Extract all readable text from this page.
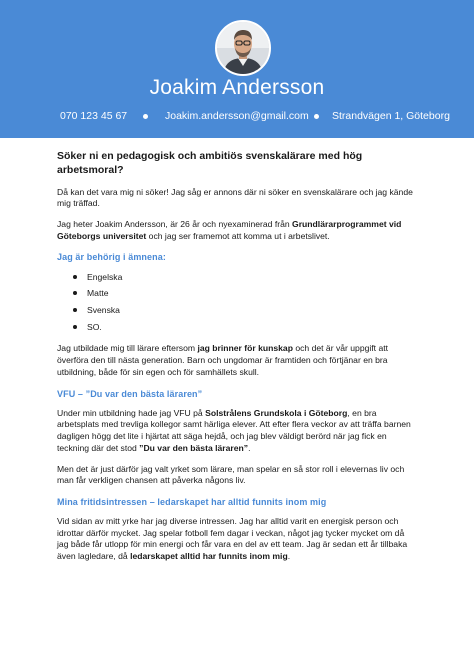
Joakim Andersson
070 123 45 67	Joakim.andersson@gmail.com Strandvägen 1, Göteborg

Söker ni en pedagogisk och ambitiös svenskalärare med hög arbetsmoral?

Då kan det vara mig ni söker! Jag såg er annons där ni söker en svenskalärare och jag kände mig träffad.

Jag heter Joakim Andersson, är 26 år och nyexaminerad från Grundlärarprogrammet vid Göteborgs universitet och jag ser framemot att komma ut i arbetslivet.

Jag är behörig i ämnena:
Engelska
Matte
Svenska
SO.

Jag utbildade mig till lärare eftersom jag brinner för kunskap och det är vår uppgift att överföra den till nästa generation. Barn och ungdomar är framtiden och förtjänar en bra utbildning, både för sin egen och för samhällets skull.

VFU – ”Du var den bästa läraren”

Under min utbildning hade jag VFU på Solstrålens Grundskola i Göteborg, en bra arbetsplats med trevliga kollegor samt härliga elever. Att efter flera veckor av att träffa barnen dagligen högg det lite i hjärtat att säga hejdå, och jag blev väldigt berörd när jag fick en teckning där det stod ”Du var den bästa läraren”.

Men det är just därför jag valt yrket som lärare, man spelar en så stor roll i elevernas liv och man får verkligen chansen att påverka någons liv.

Mina fritidsintressen – ledarskapet har alltid funnits inom mig

Vid sidan av mitt yrke har jag diverse intressen. Jag har alltid varit en energisk person och idrottar därför mycket. Jag spelar fotboll fem dagar i veckan, något jag tycker mycket om då jag både får utlopp för min energi och får vara en del av ett team. Jag är sedan ett år tillbaka även lagledare, då ledarskapet alltid har funnits inom mig.
